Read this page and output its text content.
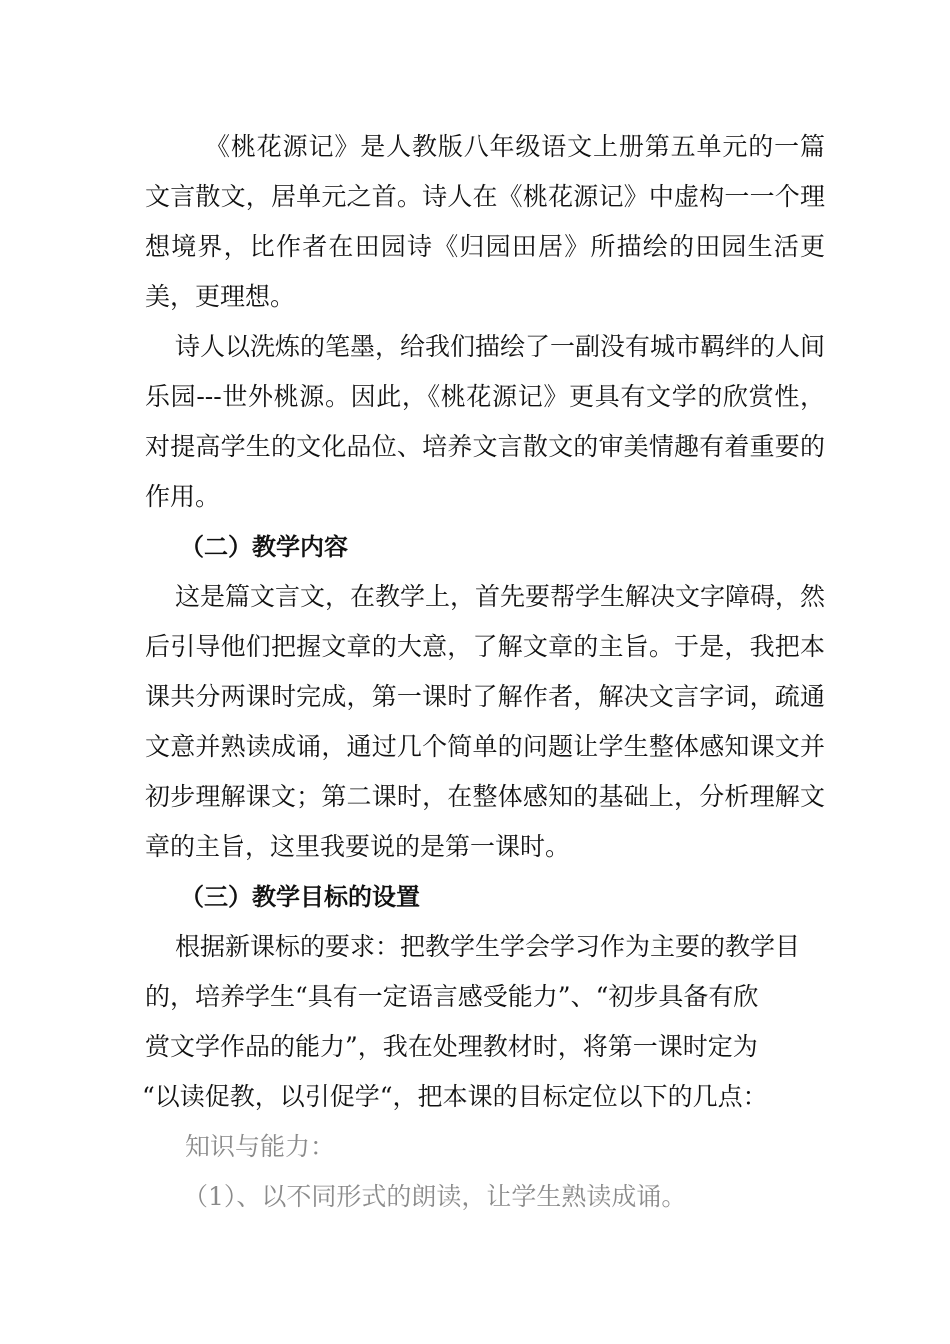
《桃花源记》是人教版八年级语文上册第五单元的一篇文言散文，居单元之首。诗人在《桃花源记》中虚构一一个理想境界，比作者在田园诗《归园田居》所描绘的田园生活更美，更理想。

诗人以洗炼的笔墨，给我们描绘了一副没有城市羁绊的人间乐园---世外桃源。因此，《桃花源记》更具有文学的欣赏性，对提高学生的文化品位、培养文言散文的审美情趣有着重要的作用。

（二）教学内容

这是篇文言文，在教学上，首先要帮学生解决文字障碍，然后引导他们把握文章的大意，了解文章的主旨。于是，我把本课共分两课时完成，第一课时了解作者，解决文言字词，疏通文意并熟读成诵，通过几个简单的问题让学生整体感知课文并初步理解课文；第二课时，在整体感知的基础上，分析理解文章的主旨，这里我要说的是第一课时。

（三）教学目标的设置

根据新课标的要求：把教学生学会学习作为主要的教学目

的，培养学生“具有一定语言感受能力”、“初步具备有欣

赏文学作品的能力”，我在处理教材时，将第一课时定为

“以读促教，以引促学“，把本课的目标定位以下的几点：

知识与能力：

（1）、以不同形式的朗读，让学生熟读成诵。
